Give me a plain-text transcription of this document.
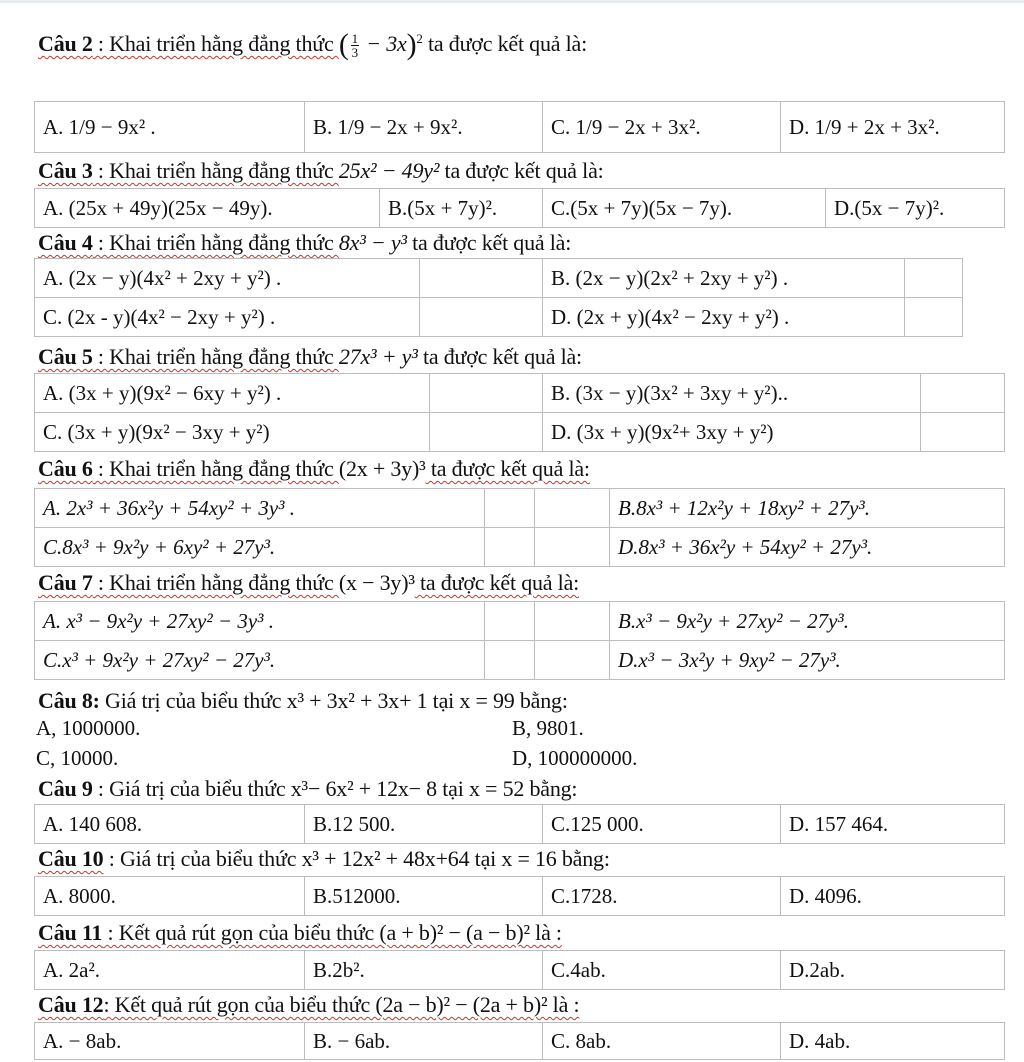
Câu 2 : Khai triển hằng đẳng thức ( $\frac{1}{3} - 3x)^2$ ta được kết quả là:
A. 1/9 − 9x² .	B. 1/9 − 2x + 9x².	C. 1/9 − 2x + 3x².	D. 1/9 + 2x + 3x².
Câu 3 : Khai triển hằng đẳng thức 25x² − 49y² ta được kết quả là:
A. (25x + 49y)(25x − 49y).	B.(5x + 7y)².	C.(5x + 7y)(5x − 7y).	D.(5x − 7y)².
Câu 4 : Khai triển hằng đẳng thức 8x³ − y³ ta được kết quả là:
A. (2x − y)(4x² + 2xy + y²) .		B. (2x − y)(2x² + 2xy + y²) .	
C. (2x - y)(4x² − 2xy + y²) .		D. (2x + y)(4x² − 2xy + y²) .	
Câu 5 : Khai triển hằng đẳng thức 27x³ + y³ ta được kết quả là:
A. (3x + y)(9x² − 6xy + y²) .		B. (3x − y)(3x² + 3xy + y²)..	
C. (3x + y)(9x² − 3xy + y²)		D. (3x + y)(9x²+ 3xy + y²)	
Câu 6 : Khai triển hằng đẳng thức (2x + 3y)³ ta được kết quả là:
A. 2x³ + 36x²y + 54xy² + 3y³ .			B.8x³ + 12x²y + 18xy² + 27y³.
C.8x³ + 9x²y + 6xy² + 27y³.			D.8x³ + 36x²y + 54xy² + 27y³.
Câu 7 : Khai triển hằng đẳng thức (x − 3y)³ ta được kết quả là:
A. x³ − 9x²y + 27xy² − 3y³ .			B.x³ − 9x²y + 27xy² − 27y³.
C.x³ + 9x²y + 27xy² − 27y³.			D.x³ − 3x²y + 9xy² − 27y³.
Câu 8: Giá trị của biểu thức x³ + 3x² + 3x+ 1 tại x = 99 bằng:
A, 1000000.	B, 9801.
C, 10000.	D, 100000000.
Câu 9 : Giá trị của biểu thức x³− 6x² + 12x− 8 tại x = 52 bằng:
A. 140 608.	B.12 500.	C.125 000.	D. 157 464.
Câu 10 : Giá trị của biểu thức x³ + 12x² + 48x+64 tại x = 16 bằng:
A. 8000.	B.512000.	C.1728.	D. 4096.
Câu 11 : Kết quả rút gọn của biểu thức (a + b)² − (a − b)² là :
A. 2a².	B.2b².	C.4ab.	D.2ab.
Câu 12: Kết quả rút gọn của biểu thức (2a − b)² − (2a + b)² là :
A. − 8ab.	B. − 6ab.	C. 8ab.	D. 4ab.
